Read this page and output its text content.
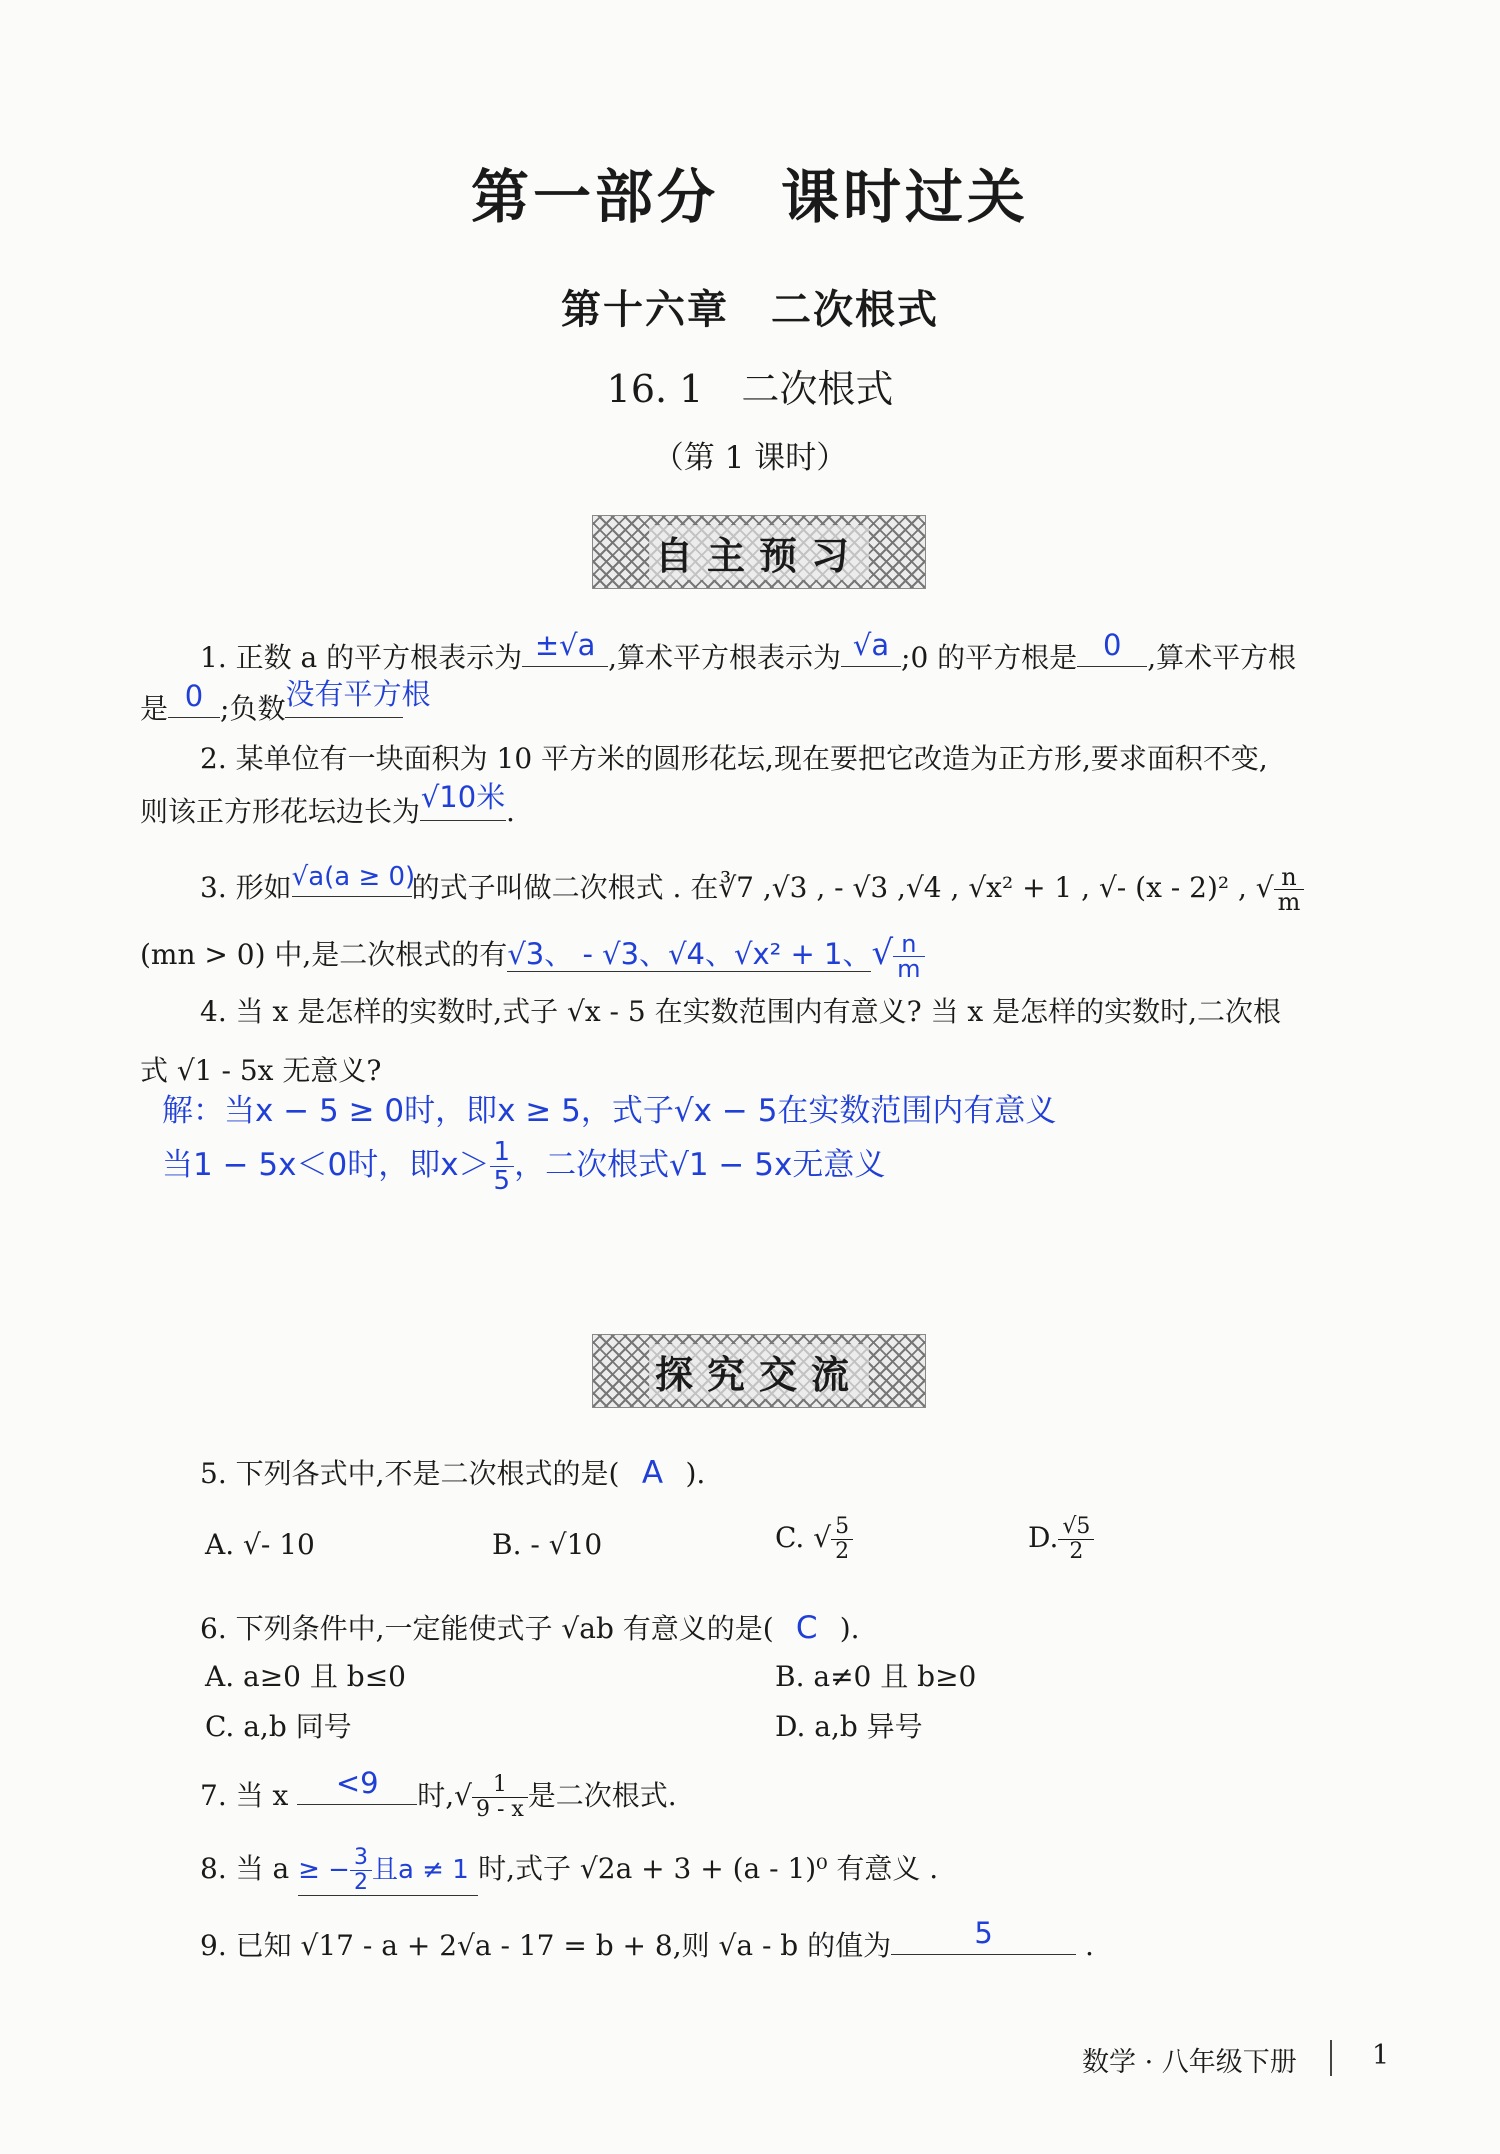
第一部分　课时过关
第十六章　二次根式
16. 1　二次根式
（第 1 课时）
自主预习
1. 正数 a 的平方根表示为 ±√a ,算术平方根表示为 √a ;0 的平方根是 0 ,算术平方根
是 0 ;负数 没有平方根
2. 某单位有一块面积为 10 平方米的圆形花坛,现在要把它改造为正方形,要求面积不变,
则该正方形花坛边长为 √10米 .
3. 形如 √a(a ≥ 0)
的式子叫做二次根式 . 在∛7 ,√3 , - √3 ,√4 , √x² + 1 , √- (x - 2)² , √ $\frac{n}{m}$
(mn > 0) 中,是二次根式的有√3、 - √3、√4、√x² + 1、√ $\frac{n}{m}$
4. 当 x 是怎样的实数时,式子 √x - 5 在实数范围内有意义? 当 x 是怎样的实数时,二次根
式 √1 - 5x 无意义?
解：当x − 5 ≥ 0时，即x ≥ 5，式子√x − 5在实数范围内有意义
当1 − 5x＜0时，即$x> \frac{1}{5}$ ，二次根式√1 − 5x无意义
探究交流
5. 下列各式中,不是二次根式的是( A ).
A. √- 10	B. - √10	C. √ $\frac{5}{2}$	D. $\frac{√5}{2}$
6. 下列条件中,一定能使式子 √ab 有意义的是( C ).
A. a≥0 且 b≤0	B. a≠0 且 b≥0
C. a,b 同号	D. a,b 异号
7. 当 x	<9	时,√ $\frac{1}{9 - x}$ 是二次根式.
8. 当 a ≥ − $\frac{3}{2}$ 且a ≠ 1 时,式子 √2a + 3 + (a - 1)⁰ 有意义 .
9. 已知 √17 - a + 2√a - 17 = b + 8,则 √a - b 的值为	5	.
数学 · 八年级下册	1
